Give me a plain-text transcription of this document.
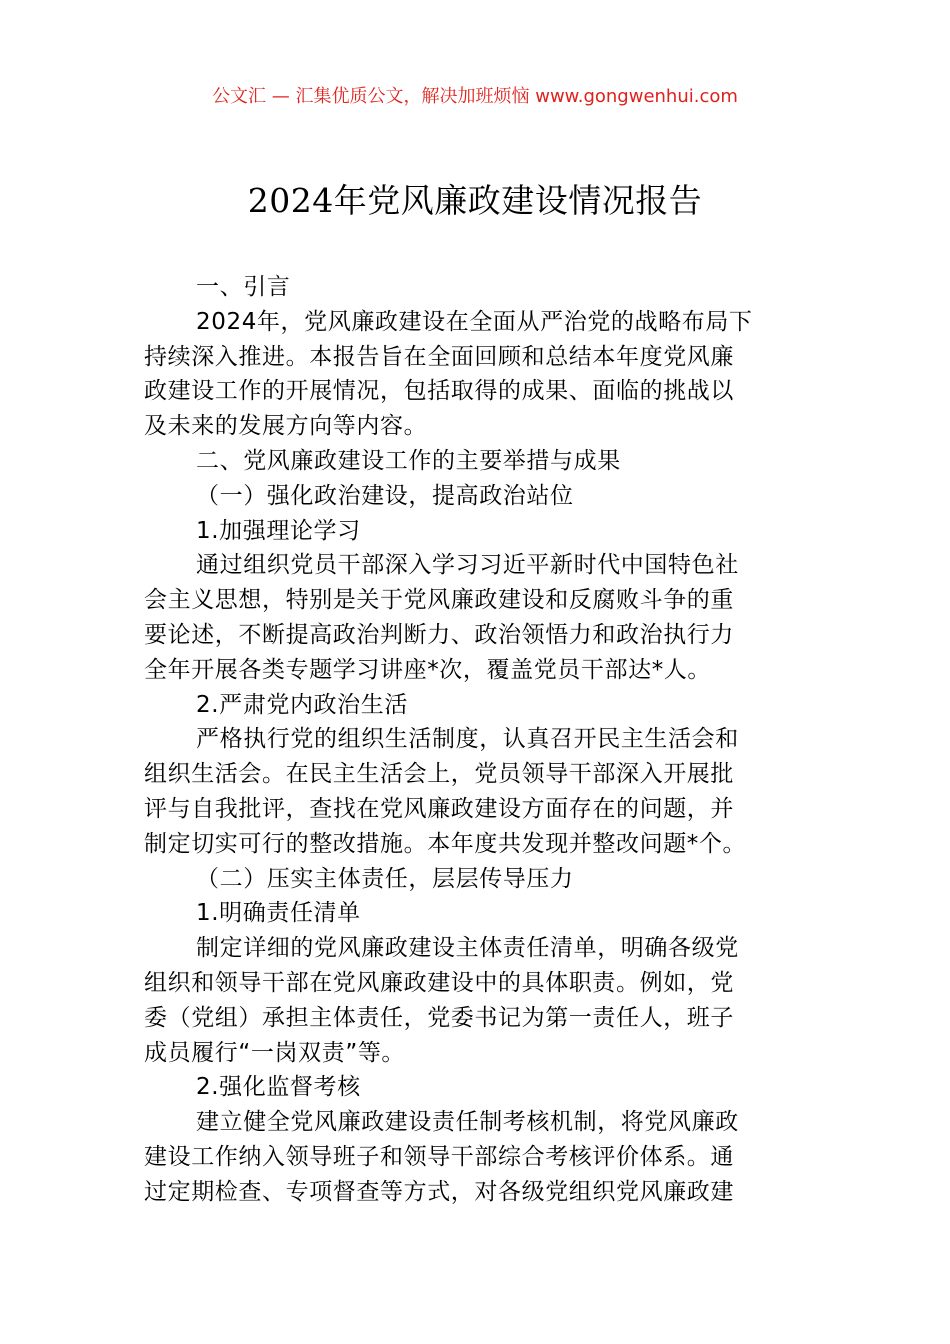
公文汇 — 汇集优质公文，解决加班烦恼 www.gongwenhui.com
2024年党风廉政建设情况报告
一、引言
2024年，党风廉政建设在全面从严治党的战略布局下
持续深入推进。本报告旨在全面回顾和总结本年度党风廉
政建设工作的开展情况，包括取得的成果、面临的挑战以
及未来的发展方向等内容。
二、党风廉政建设工作的主要举措与成果
（一）强化政治建设，提高政治站位
1.加强理论学习
通过组织党员干部深入学习习近平新时代中国特色社
会主义思想，特别是关于党风廉政建设和反腐败斗争的重
要论述，不断提高政治判断力、政治领悟力和政治执行力
全年开展各类专题学习讲座*次，覆盖党员干部达*人。
2.严肃党内政治生活
严格执行党的组织生活制度，认真召开民主生活会和
组织生活会。在民主生活会上，党员领导干部深入开展批
评与自我批评，查找在党风廉政建设方面存在的问题，并
制定切实可行的整改措施。本年度共发现并整改问题*个。
（二）压实主体责任，层层传导压力
1.明确责任清单
制定详细的党风廉政建设主体责任清单，明确各级党
组织和领导干部在党风廉政建设中的具体职责。例如，党
委（党组）承担主体责任，党委书记为第一责任人，班子
成员履行“一岗双责”等。
2.强化监督考核
建立健全党风廉政建设责任制考核机制，将党风廉政
建设工作纳入领导班子和领导干部综合考核评价体系。通
过定期检查、专项督查等方式，对各级党组织党风廉政建
